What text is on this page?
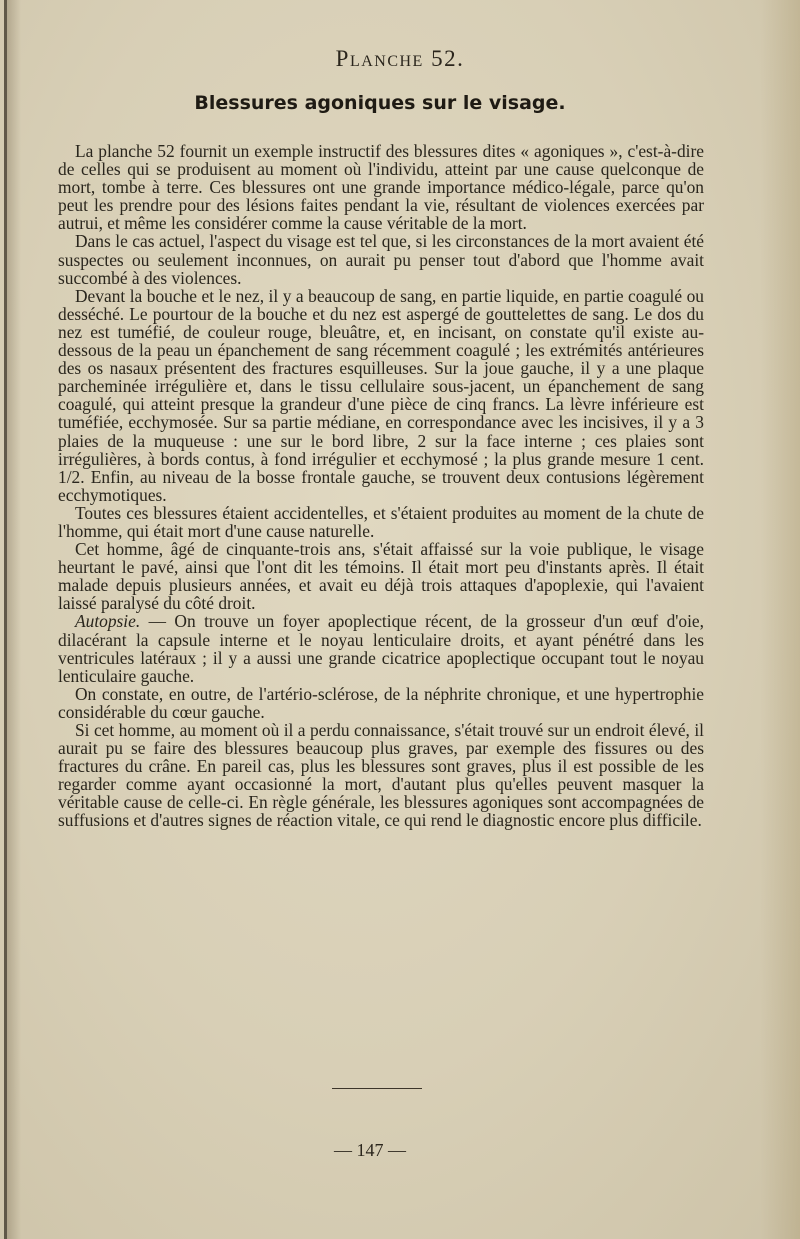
Planche 52.
Blessures agoniques sur le visage.

La planche 52 fournit un exemple instructif des blessures dites « agoniques », c'est-à-dire de celles qui se produisent au moment où l'individu, atteint par une cause quelconque de mort, tombe à terre. Ces blessures ont une grande importance médico-légale, parce qu'on peut les prendre pour des lésions faites pendant la vie, résultant de violences exercées par autrui, et même les considérer comme la cause véritable de la mort.

Dans le cas actuel, l'aspect du visage est tel que, si les circonstances de la mort avaient été suspectes ou seulement inconnues, on aurait pu penser tout d'abord que l'homme avait succombé à des violences.

Devant la bouche et le nez, il y a beaucoup de sang, en partie liquide, en partie coagulé ou desséché. Le pourtour de la bouche et du nez est aspergé de gouttelettes de sang. Le dos du nez est tuméfié, de couleur rouge, bleuâtre, et, en incisant, on constate qu'il existe au-dessous de la peau un épanchement de sang récemment coagulé ; les extrémités antérieures des os nasaux présentent des fractures esquilleuses. Sur la joue gauche, il y a une plaque parcheminée irrégulière et, dans le tissu cellulaire sous-jacent, un épanchement de sang coagulé, qui atteint presque la grandeur d'une pièce de cinq francs. La lèvre inférieure est tuméfiée, ecchymosée. Sur sa partie médiane, en correspondance avec les incisives, il y a 3 plaies de la muqueuse : une sur le bord libre, 2 sur la face interne ; ces plaies sont irrégulières, à bords contus, à fond irrégulier et ecchymosé ; la plus grande mesure 1 cent. 1/2. Enfin, au niveau de la bosse frontale gauche, se trouvent deux contusions légèrement ecchymotiques.

Toutes ces blessures étaient accidentelles, et s'étaient produites au moment de la chute de l'homme, qui était mort d'une cause naturelle.

Cet homme, âgé de cinquante-trois ans, s'était affaissé sur la voie publique, le visage heurtant le pavé, ainsi que l'ont dit les témoins. Il était mort peu d'instants après. Il était malade depuis plusieurs années, et avait eu déjà trois attaques d'apoplexie, qui l'avaient laissé paralysé du côté droit.

Autopsie. — On trouve un foyer apoplectique récent, de la grosseur d'un œuf d'oie, dilacérant la capsule interne et le noyau lenticulaire droits, et ayant pénétré dans les ventricules latéraux ; il y a aussi une grande cicatrice apoplectique occupant tout le noyau lenticulaire gauche.

On constate, en outre, de l'artério-sclérose, de la néphrite chronique, et une hypertrophie considérable du cœur gauche.

Si cet homme, au moment où il a perdu connaissance, s'était trouvé sur un endroit élevé, il aurait pu se faire des blessures beaucoup plus graves, par exemple des fissures ou des fractures du crâne. En pareil cas, plus les blessures sont graves, plus il est possible de les regarder comme ayant occasionné la mort, d'autant plus qu'elles peuvent masquer la véritable cause de celle-ci. En règle générale, les blessures agoniques sont accompagnées de suffusions et d'autres signes de réaction vitale, ce qui rend le diagnostic encore plus difficile.

— 147 —
